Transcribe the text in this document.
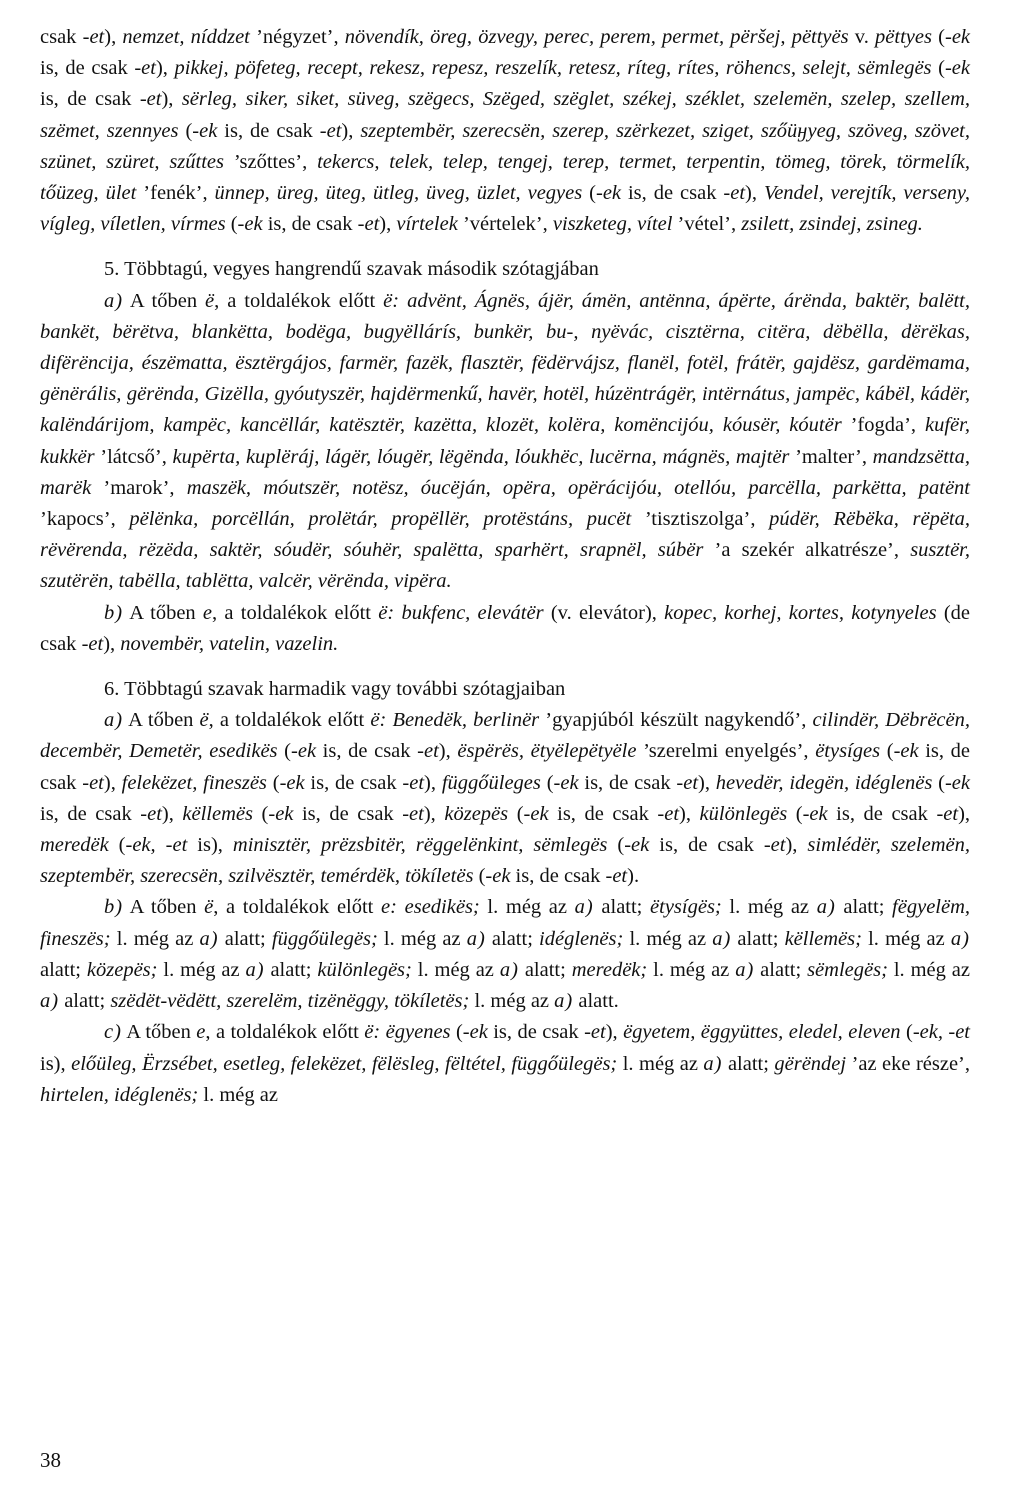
csak -et), nemzet, níddzet ’négyzet’, növendík, öreg, özvegy, perec, perem, permet, përšej, pëttyës v. pëttyes (-ek is, de csak -et), pikkej, pöfeteg, recept, rekesz, repesz, reszelík, retesz, ríteg, rítes, röhencs, selejt, sëmlegës (-ek is, de csak -et), sërleg, siker, siket, süveg, szëgecs, Szëged, szëglet, székej, széklet, szelemën, szelep, szellem, szëmet, szennyes (-ek is, de csak -et), szeptembër, szerecsën, szerep, szërkezet, sziget, szőüӈyeg, szöveg, szövet, szünet, szüret, szűttes ’szőttes’, tekercs, telek, telep, tengej, terep, termet, terpentin, tömeg, törek, törmelík, tőüzeg, ület ’fenék’, ünnep, üreg, üteg, ütleg, üveg, üzlet, vegyes (-ek is, de csak -et), Vendel, verejtík, verseny, vígleg, víletlen, vírmes (-ek is, de csak -et), vírtelek ’vértelek’, viszketeg, vítel ’vétel’, zsilett, zsindej, zsineg.

5. Többtagú, vegyes hangrendű szavak második szótagjában

a) A tőben ë, a toldalékok előtt ë: advënt, Ágnës, ájër, ámën, antënna, ápërte, árënda, baktër, balëtt, bankët, bërëtva, blankëtta, bodëga, bugyëllárís, bunkër, bu-, nyëvác, cisztërna, citëra, dëbëlla, dërëkas, difërëncija, észëmatta, ësztërgájos, farmër, fazëk, flasztër, fëdërvájsz, flanël, fotël, frátër, gajdësz, gardëmama, gënërális, gërënda, Gizëlla, gyóutyszër, hajdërmenkű, havër, hotël, húzëntrágër, intërnátus, jampëc, kábël, kádër, kalëndárijom, kampëc, kancëllár, katësztër, kazëtta, klozët, kolëra, komëncijóu, kóusër, kóutër ’fogda’, kufër, kukkër ’látcső’, kupërta, kuplëráj, lágër, lóugër, lëgënda, lóukhëc, lucërna, mágnës, majtër ’malter’, mandzsëtta, marëk ’marok’, maszëk, móutszër, notësz, óucëján, opëra, opërácijóu, otellóu, parcëlla, parkëtta, patënt ’kapocs’, pëlënka, porcëllán, prolëtár, propëllër, protëstáns, pucët ’tisztiszolga’, púdër, Rëbëka, rëpëta, rëvërenda, rëzëda, saktër, sóudër, sóuhër, spalëtta, sparhërt, srapnël, súbër ’a szekér alkatrésze’, susztër, szutërën, tabëlla, tablëtta, valcër, vërënda, vipëra.

b) A tőben e, a toldalékok előtt ë: bukfenc, elevátër (v. elevátor), kopec, korhej, kortes, kotynyeles (de csak -et), novembër, vatelin, vazelin.

6. Többtagú szavak harmadik vagy további szótagjaiban

a) A tőben ë, a toldalékok előtt ë: Benedëk, berlinër ’gyapjúból készült nagykendő’, cilindër, Dëbrëcën, decembër, Demetër, esedikës (-ek is, de csak -et), ëspërës, ëtyëlepëtyële ’szerelmi enyelgés’, ëtysíges (-ek is, de csak -et), felekëzet, fineszës (-ek is, de csak -et), függőüleges (-ek is, de csak -et), hevedër, idegën, idéglenës (-ek is, de csak -et), këllemës (-ek is, de csak -et), közepës (-ek is, de csak -et), különlegës (-ek is, de csak -et), meredëk (-ek, -et is), minisztër, prëzsbitër, rëggelënkint, sëmlegës (-ek is, de csak -et), simlédër, szelemën, szeptembër, szerecsën, szilvësztër, temérdëk, tökíletës (-ek is, de csak -et).

b) A tőben ë, a toldalékok előtt e: esedikës; l. még az a) alatt; ëtysígës; l. még az a) alatt; fëgyelëm, fineszës; l. még az a) alatt; függőülegës; l. még az a) alatt; idéglenës; l. még az a) alatt; këllemës; l. még az a) alatt; közepës; l. még az a) alatt; különlegës; l. még az a) alatt; meredëk; l. még az a) alatt; sëmlegës; l. még az a) alatt; szëdët-vëdëtt, szerelëm, tizënëggy, tökíletës; l. még az a) alatt.

c) A tőben e, a toldalékok előtt ë: ëgyenes (-ek is, de csak -et), ëgyetem, ëggyüttes, eledel, eleven (-ek, -et is), előüleg, Ërzsébet, esetleg, felekëzet, fëlësleg, fëltétel, függőülegës; l. még az a) alatt; gërëndej ’az eke része’, hirtelen, idéglenës; l. még az

38
